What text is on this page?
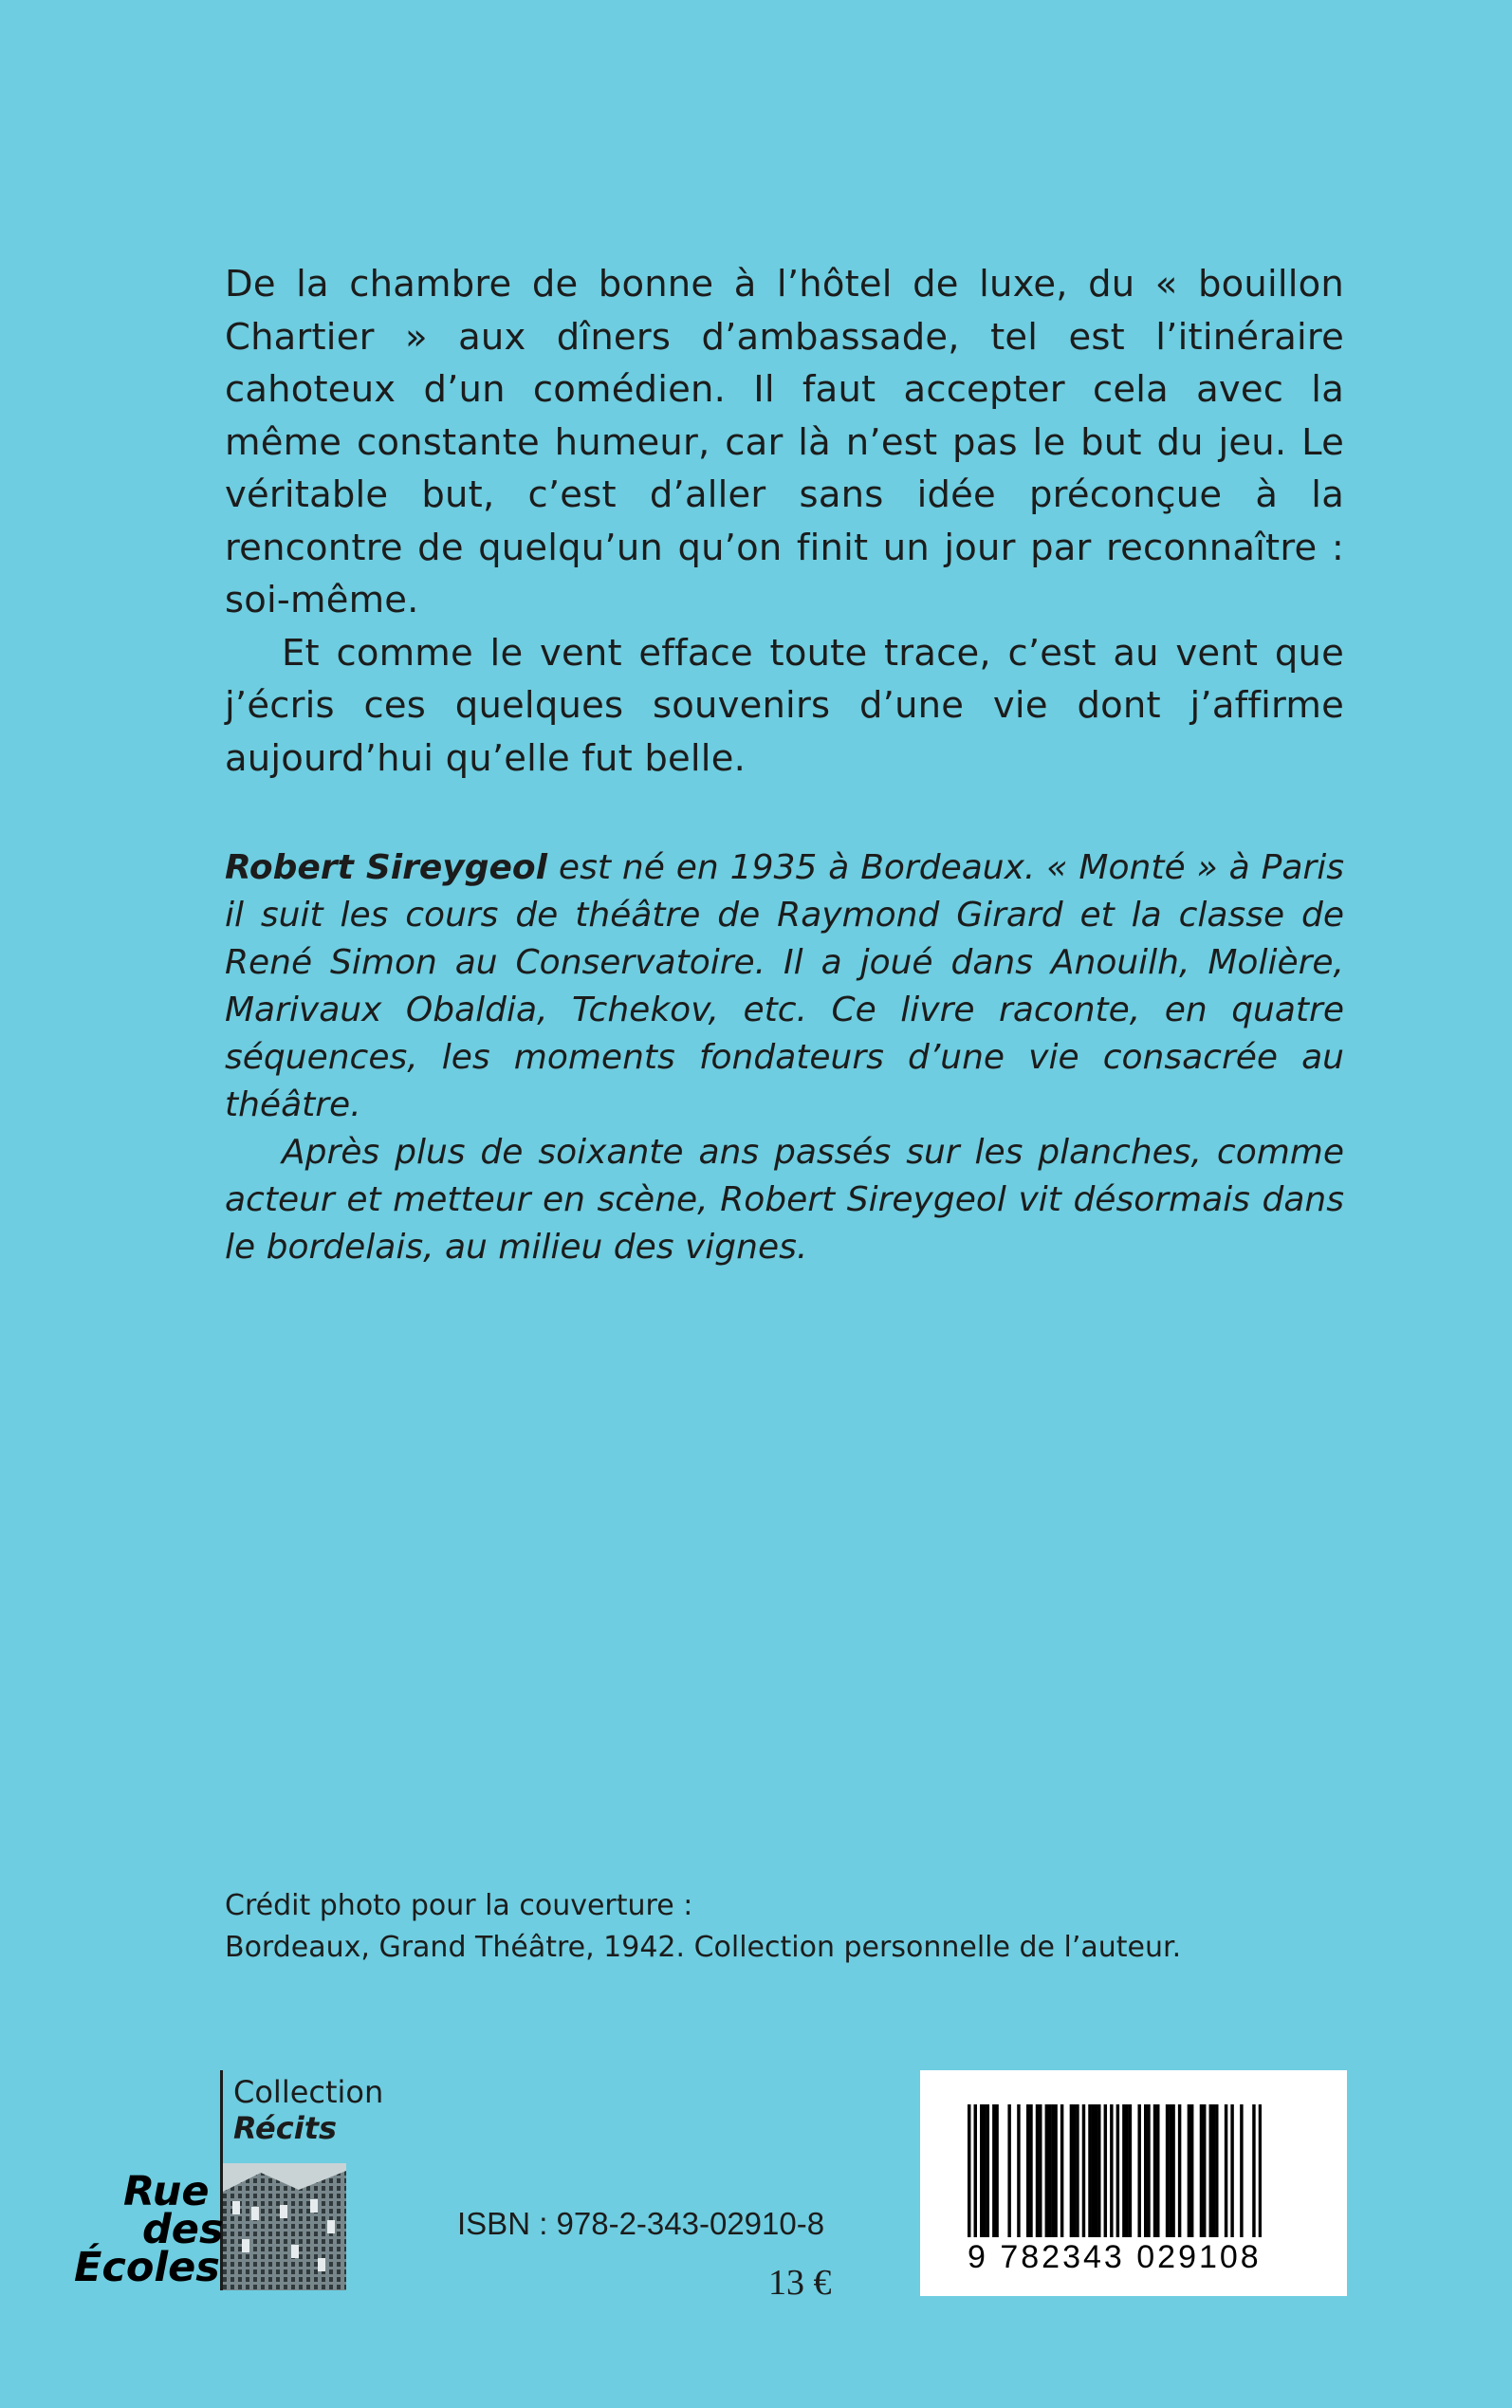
De la chambre de bonne à l’hôtel de luxe, du « bouillon Chartier » aux dîners d’ambassade, tel est l’itinéraire cahoteux d’un comédien. Il faut accepter cela avec la même constante humeur, car là n’est pas le but du jeu. Le véritable but, c’est d’aller sans idée préconçue à la rencontre de quelqu’un qu’on finit un jour par reconnaître : soi-même.

Et comme le vent efface toute trace, c’est au vent que j’écris ces quelques souvenirs d’une vie dont j’affirme aujourd’hui qu’elle fut belle.

Robert Sireygeol est né en 1935 à Bordeaux. « Monté » à Paris il suit les cours de théâtre de Raymond Girard et la classe de René Simon au Conservatoire. Il a joué dans Anouilh, Molière, Marivaux Obaldia, Tchekov, etc. Ce livre raconte, en quatre séquences, les moments fondateurs d’une vie consacrée au théâtre.

Après plus de soixante ans passés sur les planches, comme acteur et metteur en scène, Robert Sireygeol vit désormais dans le bordelais, au milieu des vignes.

Crédit photo pour la couverture :
Bordeaux, Grand Théâtre, 1942. Collection personnelle de l’auteur.
Collection
Récits
Rue
des
Écoles
ISBN : 978-2-343-02910-8
13 €
9 782343 029108
